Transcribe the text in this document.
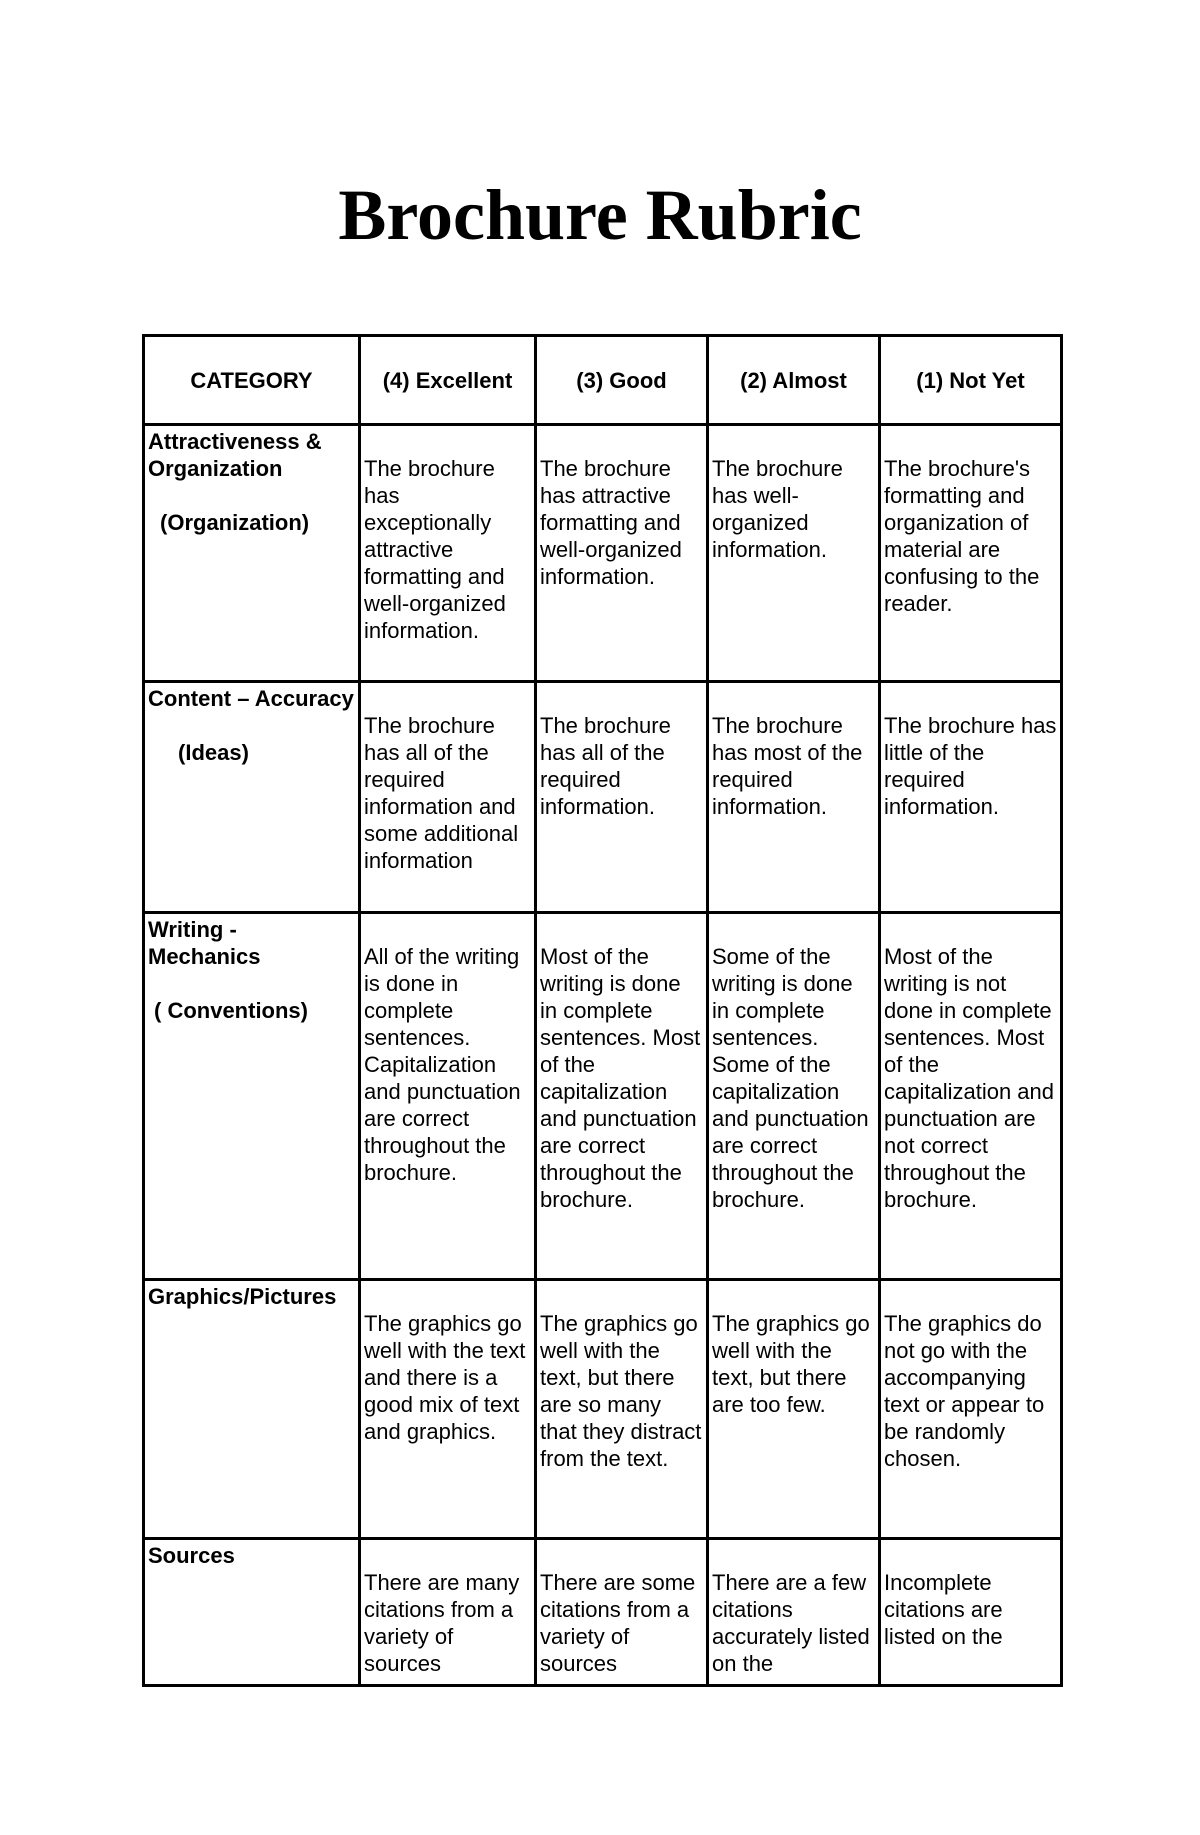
Brochure Rubric
CATEGORY	(4) Excellent	(3) Good	(2) Almost	(1) Not Yet

Attractiveness & Organization
(Organization)	The brochure has exceptionally attractive formatting and well-organized information.	The brochure has attractive formatting and well-organized information.	The brochure has well-organized information.	The brochure's formatting and organization of material are confusing to the reader.

Content – Accuracy
(Ideas)	The brochure has all of the required information and some additional information	The brochure has all of the required information.	The brochure has most of the required information.	The brochure has little of the required information.

Writing - Mechanics
( Conventions)	All of the writing is done in complete sentences. Capitalization and punctuation are correct throughout the brochure.	Most of the writing is done in complete sentences. Most of the capitalization and punctuation are correct throughout the brochure.	Some of the writing is done in complete sentences. Some of the capitalization and punctuation are correct throughout the brochure.	Most of the writing is not done in complete sentences. Most of the capitalization and punctuation are not correct throughout the brochure.

Graphics/Pictures	The graphics go well with the text and there is a good mix of text and graphics.	The graphics go well with the text, but there are so many that they distract from the text.	The graphics go well with the text, but there are too few.	The graphics do not go with the accompanying text or appear to be randomly chosen.

Sources	There are many citations from a variety of sources	There are some citations from a variety of sources	There are a few citations accurately listed on the	Incomplete citations are listed on the
